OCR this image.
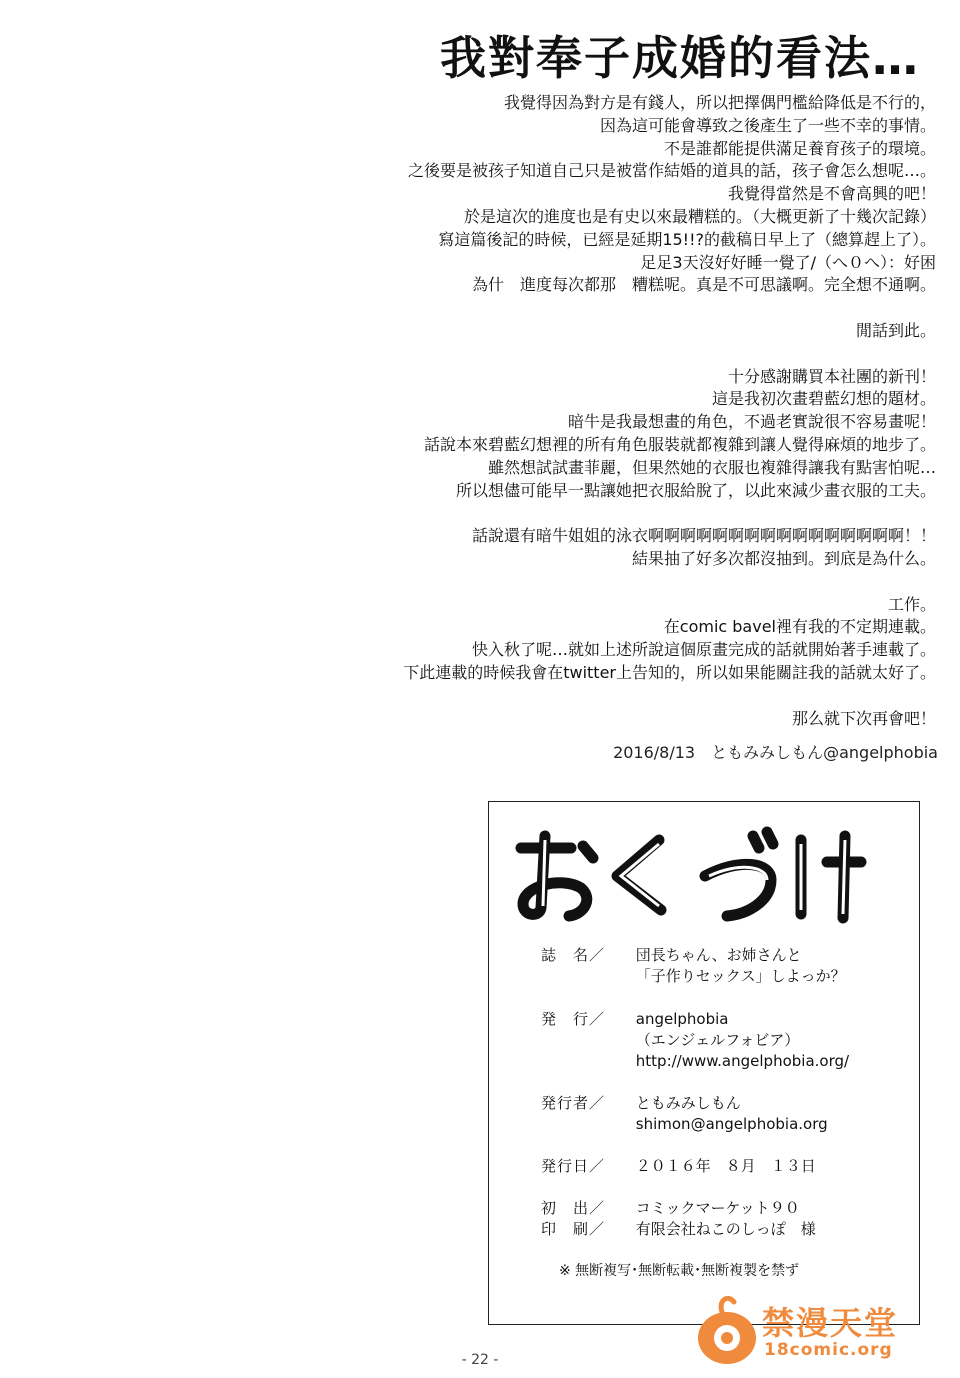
我對奉子成婚的看法…
我覺得因為對方是有錢人，所以把擇偶門檻給降低是不行的，
因為這可能會導致之後產生了一些不幸的事情。
不是誰都能提供滿足養育孩子的環境。
之後要是被孩子知道自己只是被當作結婚的道具的話，孩子會怎么想呢…。
我覺得當然是不會高興的吧！
於是這次的進度也是有史以來最糟糕的。（大概更新了十幾次記錄）
寫這篇後記的時候，已經是延期15!!?的截稿日早上了（總算趕上了）。
足足3天沒好好睡一覺了/（へ０へ）：好困
為什　進度每次都那　糟糕呢。真是不可思議啊。完全想不通啊。
閒話到此。
十分感謝購買本社團的新刊！
這是我初次畫碧藍幻想的題材。
暗牛是我最想畫的角色，不過老實說很不容易畫呢！
話說本來碧藍幻想裡的所有角色服裝就都複雜到讓人覺得麻煩的地步了。
雖然想試試畫菲麗，但果然她的衣服也複雜得讓我有點害怕呢…
所以想儘可能早一點讓她把衣服給脫了，以此來減少畫衣服的工夫。
話說還有暗牛姐姐的泳衣啊啊啊啊啊啊啊啊啊啊啊啊啊啊啊啊！！
結果抽了好多次都沒抽到。到底是為什么。
工作。
在comic bavel裡有我的不定期連載。
快入秋了呢…就如上述所說這個原畫完成的話就開始著手連載了。
下此連載的時候我會在twitter上告知的，所以如果能關註我的話就太好了。
那么就下次再會吧！
2016/8/13　ともみみしもん@angelphobia
誌　名／ 団長ちゃん、お姉さんと
「子作りセックス」しよっか？
発　行／ angelphobia
（エンジェルフォビア）
http://www.angelphobia.org/
発行者／ ともみみしもん
shimon@angelphobia.org
発行日／ ２０１６年　８月　１３日
初　出／ コミックマーケット９０
印　刷／ 有限会社ねこのしっぽ　様
※ 無断複写･無断転載･無断複製を禁ず
禁漫天堂
18comic.org
- 22 -
